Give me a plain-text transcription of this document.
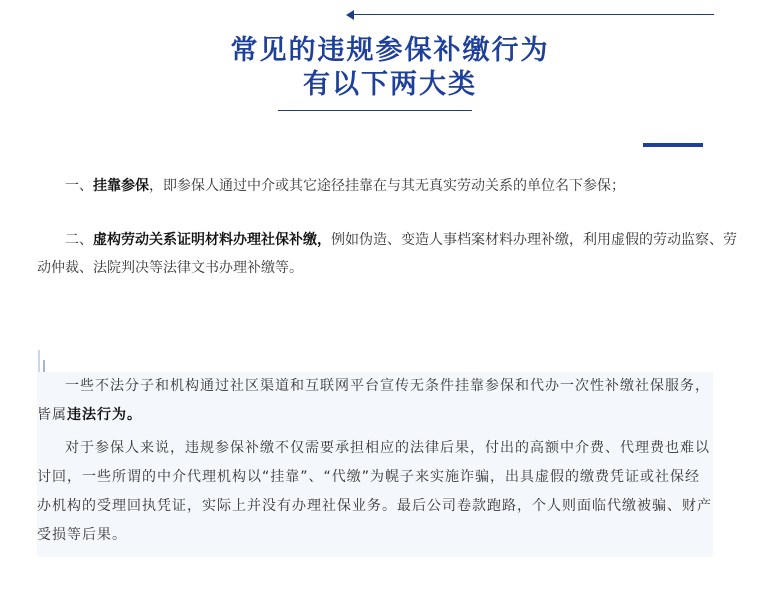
常见的违规参保补缴行为
有以下两大类

一、挂靠参保，即参保人通过中介或其它途径挂靠在与其无真实劳动关系的单位名下参保；

二、虚构劳动关系证明材料办理社保补缴，例如伪造、变造人事档案材料办理补缴，利用虚假的劳动监察、劳动仲裁、法院判决等法律文书办理补缴等。

一些不法分子和机构通过社区渠道和互联网平台宣传无条件挂靠参保和代办一次性补缴社保服务，皆属违法行为。

对于参保人来说，违规参保补缴不仅需要承担相应的法律后果，付出的高额中介费、代理费也难以讨回，一些所谓的中介代理机构以“挂靠”、“代缴”为幌子来实施诈骗，出具虚假的缴费凭证或社保经办机构的受理回执凭证，实际上并没有办理社保业务。最后公司卷款跑路，个人则面临代缴被骗、财产受损等后果。
